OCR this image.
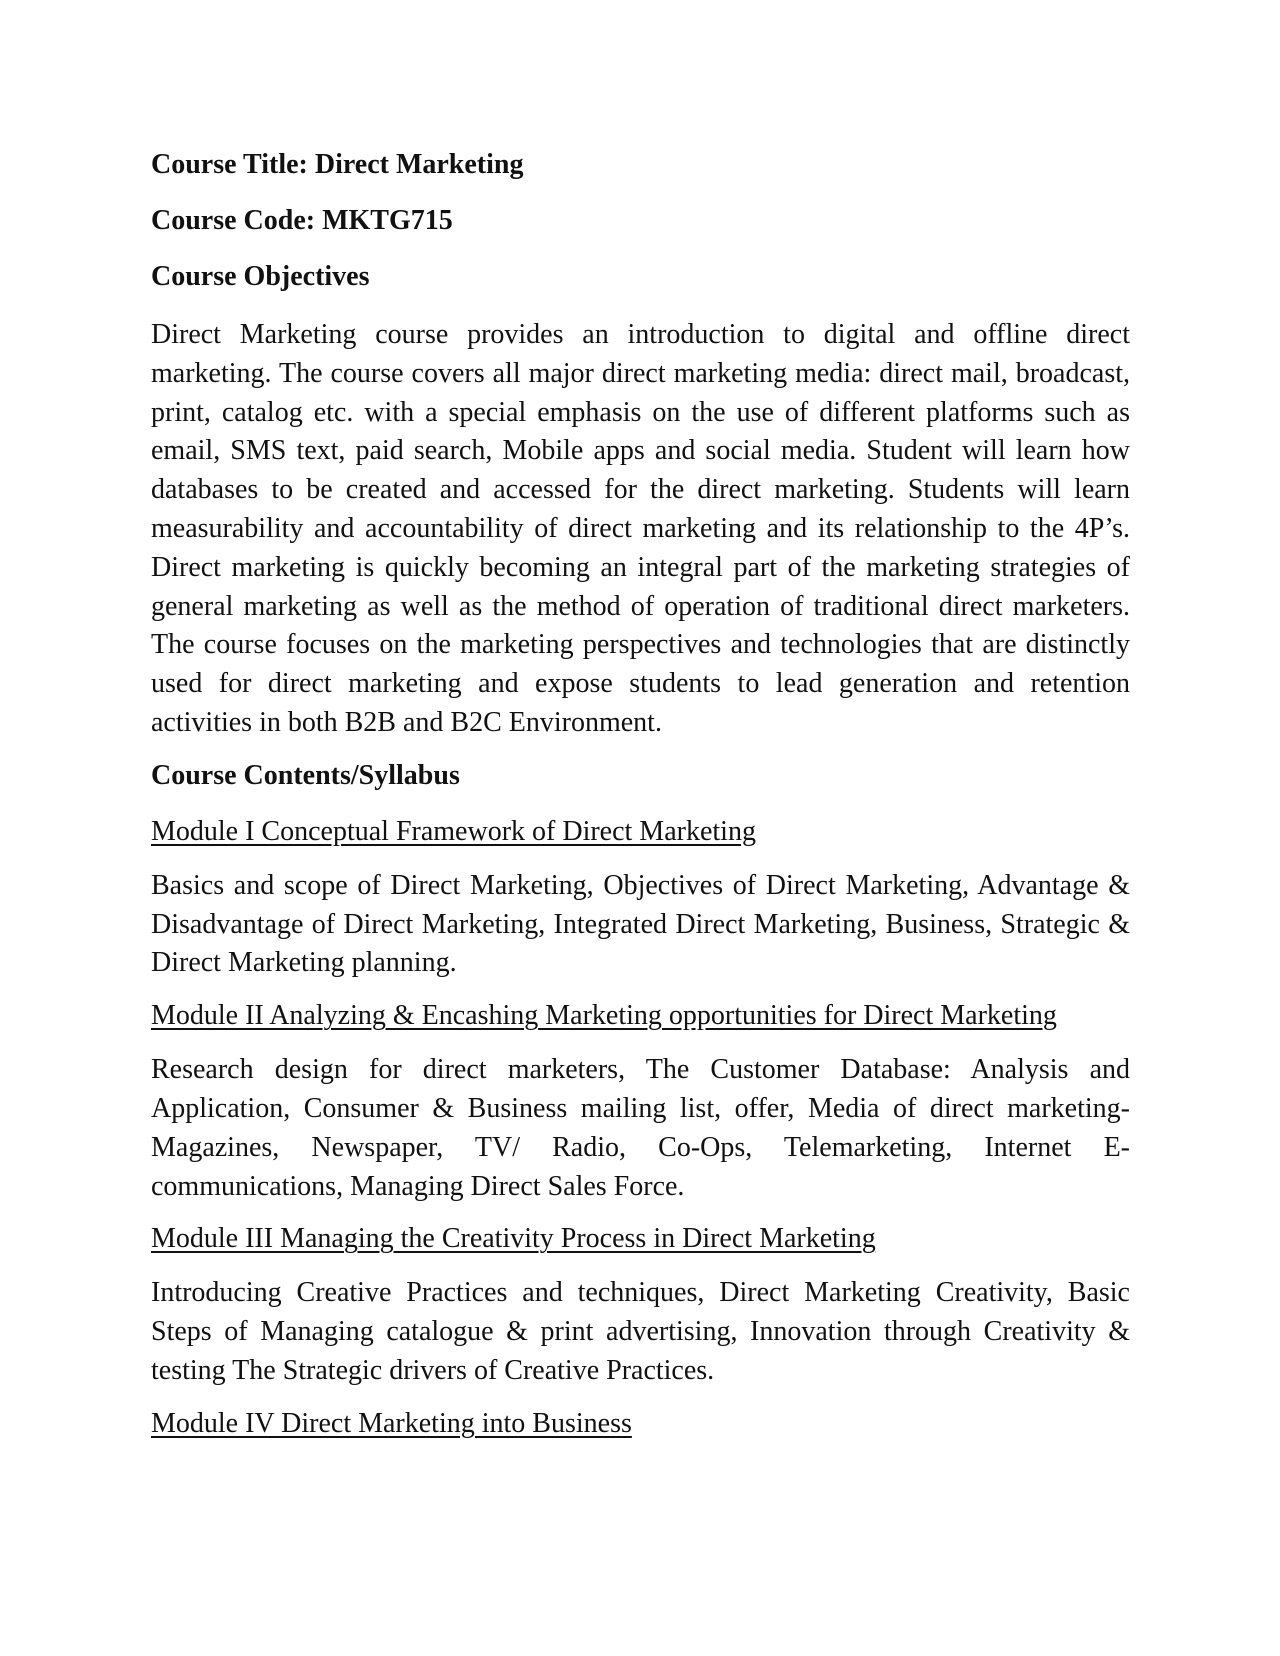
Course Title: Direct Marketing
Course Code: MKTG715
Course Objectives
Direct Marketing course provides an introduction to digital and offline direct marketing. The course covers all major direct marketing media: direct mail, broadcast, print, catalog etc. with a special emphasis on the use of different platforms such as email, SMS text, paid search, Mobile apps and social media. Student will learn how databases to be created and accessed for the direct marketing. Students will learn measurability and accountability of direct marketing and its relationship to the 4P’s. Direct marketing is quickly becoming an integral part of the marketing strategies of general marketing as well as the method of operation of traditional direct marketers. The course focuses on the marketing perspectives and technologies that are distinctly used for direct marketing and expose students to lead generation and retention activities in both B2B and B2C Environment.
Course Contents/Syllabus
Module I Conceptual Framework of Direct Marketing
Basics and scope of Direct Marketing, Objectives of Direct Marketing, Advantage & Disadvantage of Direct Marketing, Integrated Direct Marketing, Business, Strategic & Direct Marketing planning.
Module II Analyzing & Encashing Marketing opportunities for Direct Marketing
Research design for direct marketers, The Customer Database: Analysis and Application, Consumer & Business mailing list, offer, Media of direct marketing-Magazines, Newspaper, TV/ Radio, Co-Ops, Telemarketing, Internet E-communications, Managing Direct Sales Force.
Module III Managing the Creativity Process in Direct Marketing
Introducing Creative Practices and techniques, Direct Marketing Creativity, Basic Steps of Managing catalogue & print advertising, Innovation through Creativity & testing The Strategic drivers of Creative Practices.
Module IV Direct Marketing into Business
